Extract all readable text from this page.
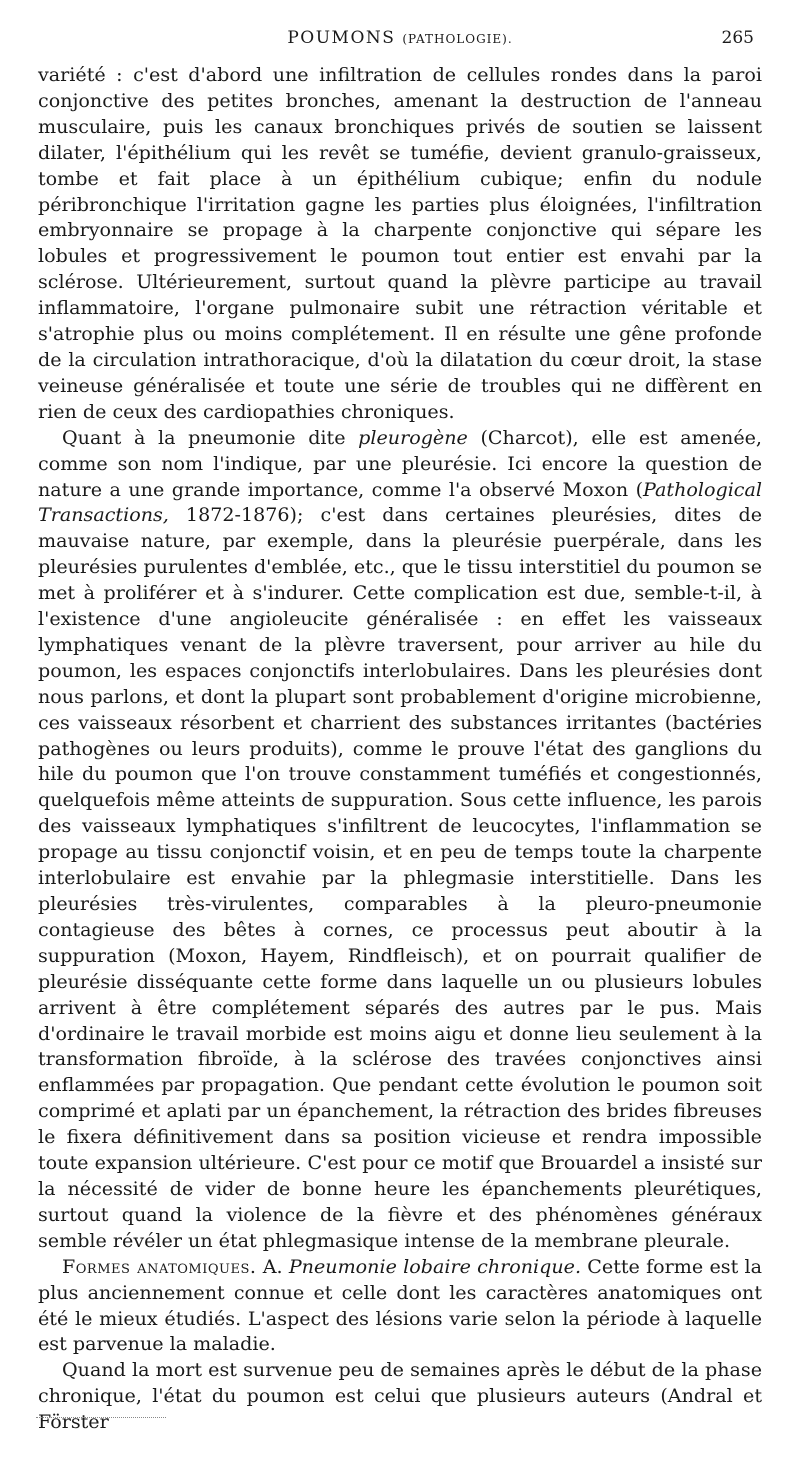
POUMONS (PATHOLOGIE).	265

variété : c'est d'abord une infiltration de cellules rondes dans la paroi conjonctive des petites bronches, amenant la destruction de l'anneau musculaire, puis les canaux bronchiques privés de soutien se laissent dilater, l'épithélium qui les revêt se tuméfie, devient granulo-graisseux, tombe et fait place à un épithélium cubique; enfin du nodule péribronchique l'irritation gagne les parties plus éloignées, l'infiltration embryonnaire se propage à la charpente conjonctive qui sépare les lobules et progressivement le poumon tout entier est envahi par la sclérose. Ultérieurement, surtout quand la plèvre participe au travail inflammatoire, l'organe pulmonaire subit une rétraction véritable et s'atrophie plus ou moins complétement. Il en résulte une gêne profonde de la circulation intrathoracique, d'où la dilatation du cœur droit, la stase veineuse généralisée et toute une série de troubles qui ne diffèrent en rien de ceux des cardiopathies chroniques.

Quant à la pneumonie dite pleurogène (Charcot), elle est amenée, comme son nom l'indique, par une pleurésie. Ici encore la question de nature a une grande importance, comme l'a observé Moxon (Pathological Transactions, 1872-1876); c'est dans certaines pleurésies, dites de mauvaise nature, par exemple, dans la pleurésie puerpérale, dans les pleurésies purulentes d'emblée, etc., que le tissu interstitiel du poumon se met à proliférer et à s'indurer. Cette complication est due, semble-t-il, à l'existence d'une angioleucite généralisée : en effet les vaisseaux lymphatiques venant de la plèvre traversent, pour arriver au hile du poumon, les espaces conjonctifs interlobulaires. Dans les pleurésies dont nous parlons, et dont la plupart sont probablement d'origine microbienne, ces vaisseaux résorbent et charrient des substances irritantes (bactéries pathogènes ou leurs produits), comme le prouve l'état des ganglions du hile du poumon que l'on trouve constamment tuméfiés et congestionnés, quelquefois même atteints de suppuration. Sous cette influence, les parois des vaisseaux lymphatiques s'infiltrent de leucocytes, l'inflammation se propage au tissu conjonctif voisin, et en peu de temps toute la charpente interlobulaire est envahie par la phlegmasie interstitielle. Dans les pleurésies très-virulentes, comparables à la pleuro-pneumonie contagieuse des bêtes à cornes, ce processus peut aboutir à la suppuration (Moxon, Hayem, Rindfleisch), et on pourrait qualifier de pleurésie disséquante cette forme dans laquelle un ou plusieurs lobules arrivent à être complétement séparés des autres par le pus. Mais d'ordinaire le travail morbide est moins aigu et donne lieu seulement à la transformation fibroïde, à la sclérose des travées conjonctives ainsi enflammées par propagation. Que pendant cette évolution le poumon soit comprimé et aplati par un épanchement, la rétraction des brides fibreuses le fixera définitivement dans sa position vicieuse et rendra impossible toute expansion ultérieure. C'est pour ce motif que Brouardel a insisté sur la nécessité de vider de bonne heure les épanchements pleurétiques, surtout quand la violence de la fièvre et des phénomènes généraux semble révéler un état phlegmasique intense de la membrane pleurale.

Formes anatomiques. A. Pneumonie lobaire chronique. Cette forme est la plus anciennement connue et celle dont les caractères anatomiques ont été le mieux étudiés. L'aspect des lésions varie selon la période à laquelle est parvenue la maladie.

Quand la mort est survenue peu de semaines après le début de la phase chronique, l'état du poumon est celui que plusieurs auteurs (Andral et Förster
